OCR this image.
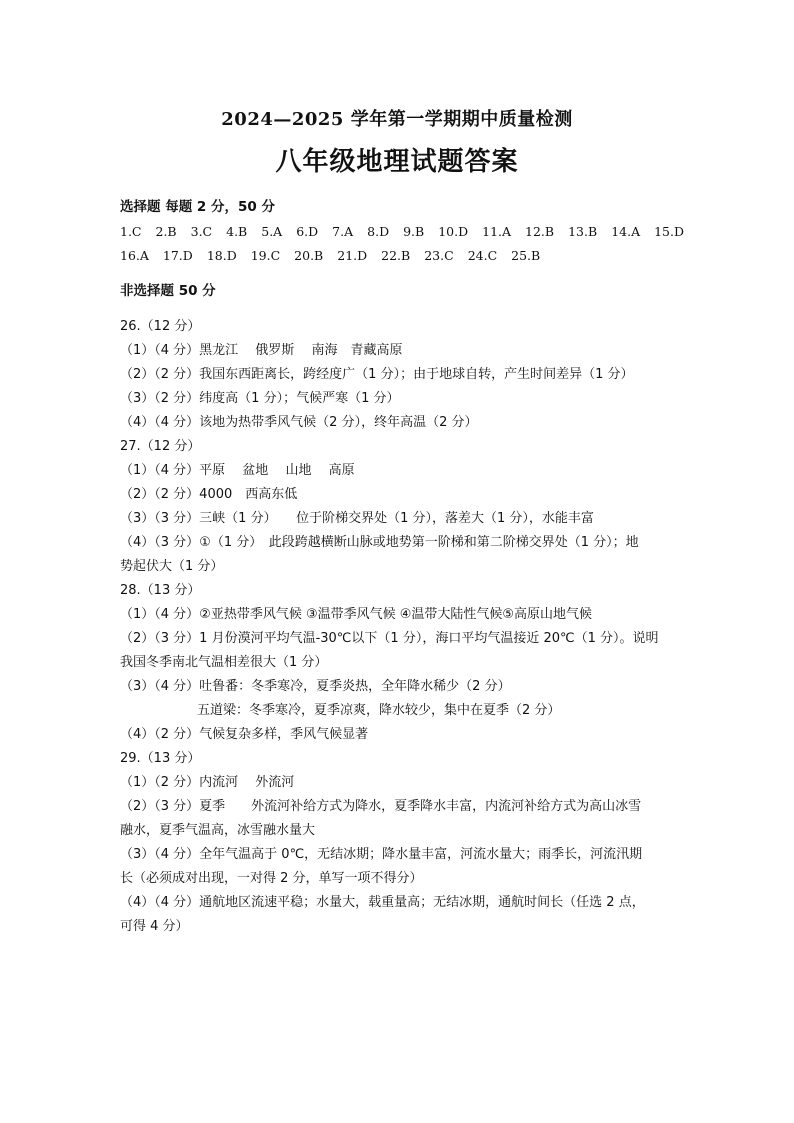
2024—2025 学年第一学期期中质量检测
八年级地理试题答案
选择题 每题 2 分，50 分
1.C 2.B 3.C 4.B 5.A 6.D 7.A 8.D 9.B 10.D 11.A 12.B 13.B 14.A 15.D
16.A 17.D 18.D 19.C 20.B 21.D 22.B 23.C 24.C 25.B
非选择题 50 分
26.（12 分）
（1）（4 分）黑龙江　 俄罗斯　 南海　青藏高原
（2）（2 分）我国东西距离长，跨经度广（1 分）；由于地球自转，产生时间差异（1 分）
（3）（2 分）纬度高（1 分）；气候严寒（1 分）
（4）（4 分）该地为热带季风气候（2 分），终年高温（2 分）
27.（12 分）
（1）（4 分）平原　 盆地　 山地　 高原
（2）（2 分）4000　西高东低
（3）（3 分）三峡（1 分）　　位于阶梯交界处（1 分），落差大（1 分），水能丰富
（4）（3 分）①（1 分）　此段跨越横断山脉或地势第一阶梯和第二阶梯交界处（1 分）；地
势起伏大（1 分）
28.（13 分）
（1）（4 分）②亚热带季风气候 ③温带季风气候 ④温带大陆性气候⑤高原山地气候
（2）（3 分）1 月份漠河平均气温-30℃以下（1 分），海口平均气温接近 20℃（1 分）。说明
我国冬季南北气温相差很大（1 分）
（3）（4 分）吐鲁番：冬季寒冷，夏季炎热，全年降水稀少（2 分）
五道梁：冬季寒冷，夏季凉爽，降水较少，集中在夏季（2 分）
（4）（2 分）气候复杂多样，季风气候显著
29.（13 分）
（1）（2 分）内流河　 外流河
（2）（3 分）夏季　　外流河补给方式为降水，夏季降水丰富，内流河补给方式为高山冰雪
融水，夏季气温高，冰雪融水量大
（3）（4 分）全年气温高于 0℃，无结冰期；降水量丰富，河流水量大；雨季长，河流汛期
长（必须成对出现，一对得 2 分，单写一项不得分）
（4）（4 分）通航地区流速平稳；水量大，载重量高；无结冰期，通航时间长（任选 2 点，
可得 4 分）
